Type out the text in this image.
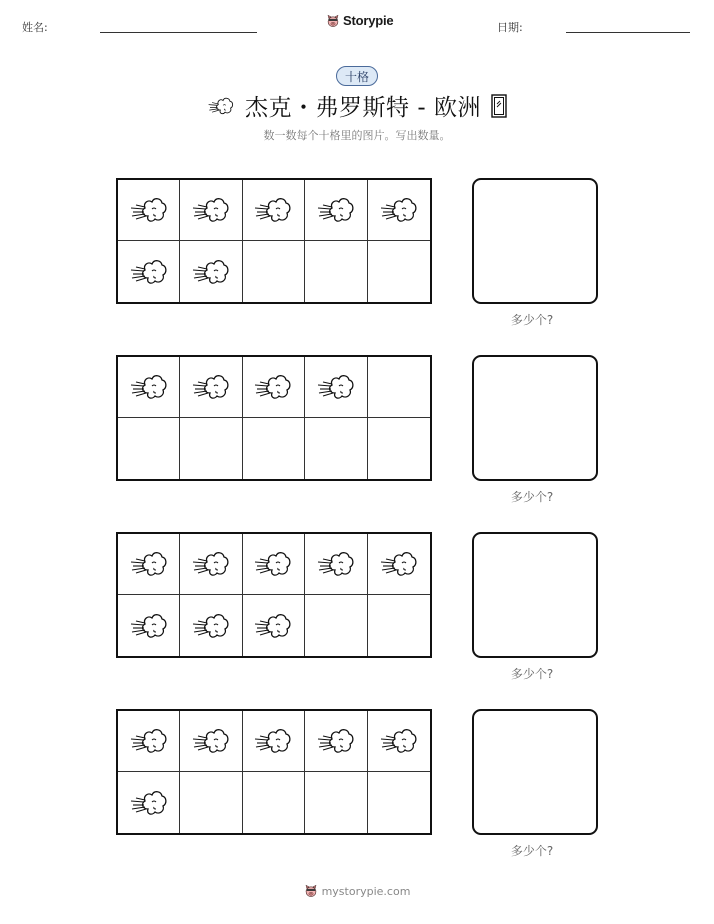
姓名:	Storypie	日期:
十格
杰克・弗罗斯特 - 欧洲
数一数每个十格里的图片。写出数量。
多少个?
多少个?
多少个?
多少个?
mystorypie.com
